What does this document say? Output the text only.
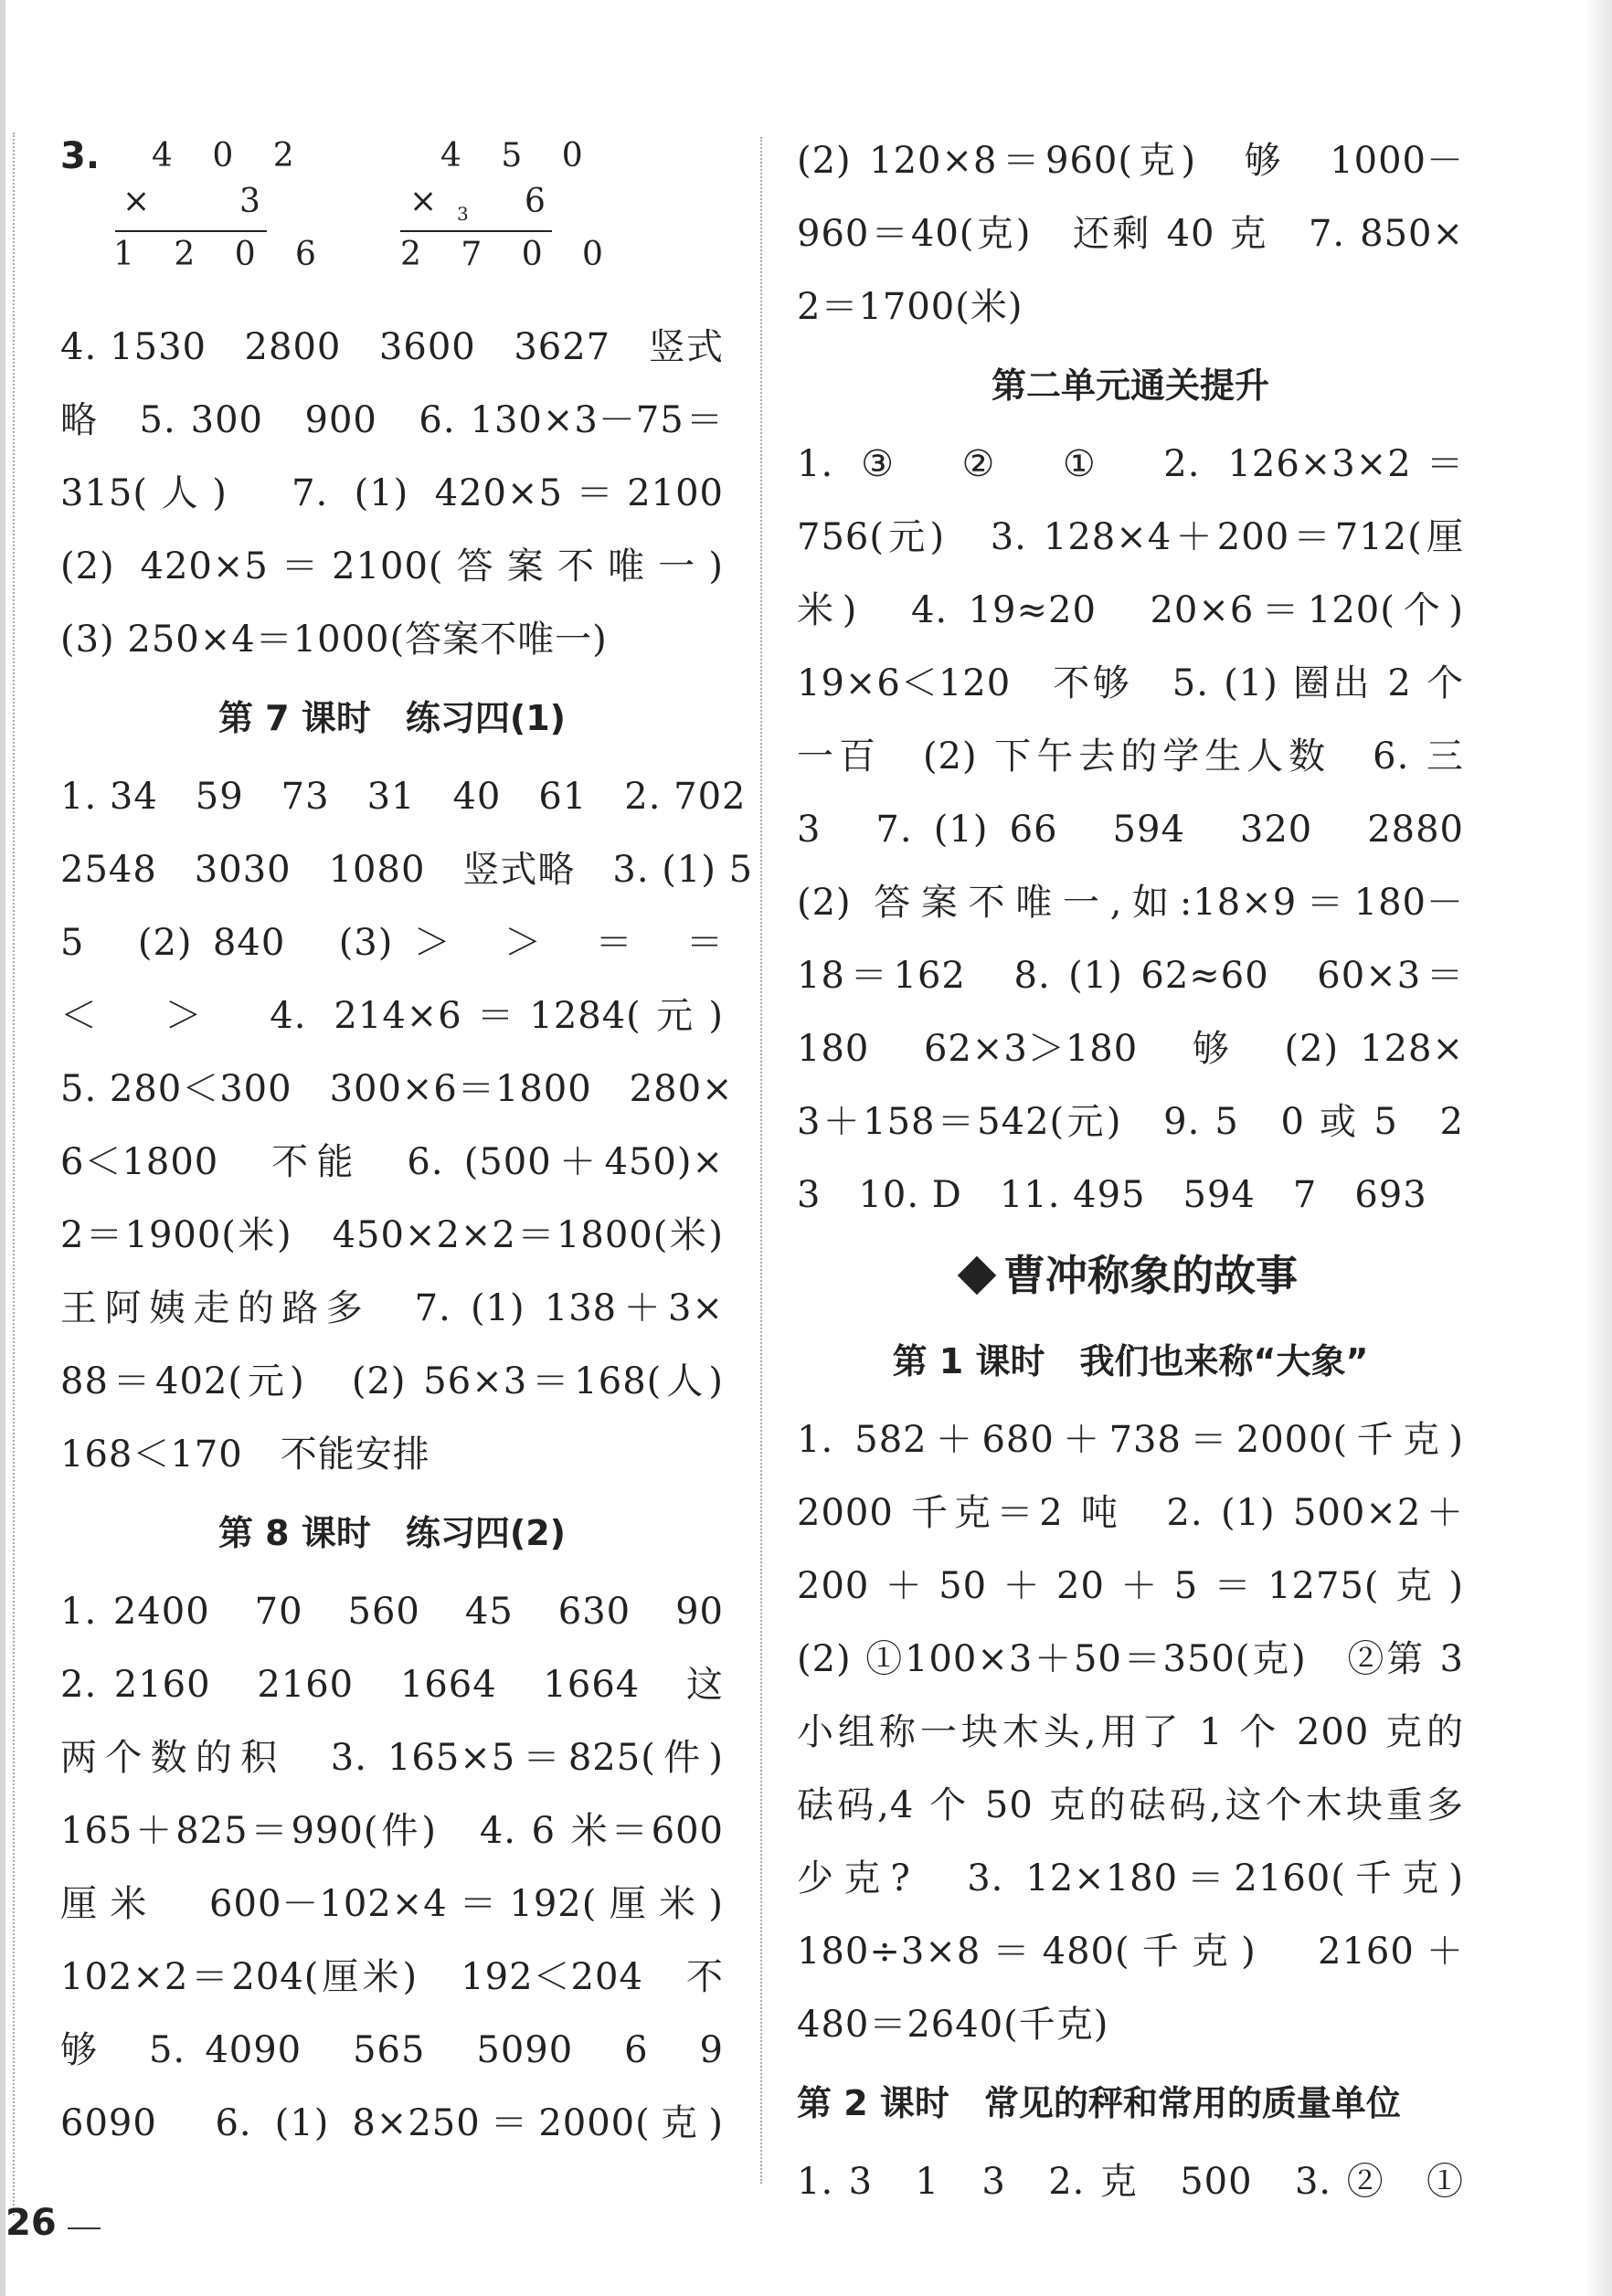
3. 4 0 2
× 3
1 2 0 6
4 5 0
× 3 6
2 7 0 0
4. 1530　2800　3600　3627　竖式
略　5. 300　900　6. 130×3－75＝
315(人)　7. (1) 420×5＝2100
(2) 420×5＝2100(答案不唯一)
(3) 250×4＝1000(答案不唯一)
第 7 课时　练习四(1)
1. 34　59　73　31　40　61　2. 702
2548　3030　1080　竖式略　3. (1) 5
5　(2) 840　(3) ＞　＞　＝　＝
＜　＞　4. 214×6＝1284(元)
5. 280＜300　300×6＝1800　280×
6＜1800　不能　6. (500＋450)×
2＝1900(米)　450×2×2＝1800(米)
王阿姨走的路多　7. (1) 138＋3×
88＝402(元)　(2) 56×3＝168(人)
168＜170　不能安排
第 8 课时　练习四(2)
1. 2400　70　560　45　630　90
2. 2160　2160　1664　1664　这
两个数的积　3. 165×5＝825(件)
165＋825＝990(件)　4. 6 米＝600
厘米　600－102×4＝192(厘米)
102×2＝204(厘米)　192＜204　不
够　5. 4090　565　5090　6　9
6090　6. (1) 8×250＝2000(克)
(2) 120×8＝960(克)　够　1000－
960＝40(克)　还剩 40 克　7. 850×
2＝1700(米)
第二单元通关提升
1. ③　②　①　2. 126×3×2＝
756(元)　3. 128×4＋200＝712(厘
米)　4. 19≈20　20×6＝120(个)
19×6＜120　不够　5. (1) 圈出 2 个
一百　(2) 下午去的学生人数　6. 三
3　7. (1) 66　594　320　2880
(2) 答案不唯一,如:18×9＝180－
18＝162　8. (1) 62≈60　60×3＝
180　62×3＞180　够　(2) 128×
3＋158＝542(元)　9. 5　0 或 5　2
3　10. D　11. 495　594　7　693
曹冲称象的故事
第 1 课时　我们也来称“大象”
1. 582＋680＋738＝2000(千克)
2000 千克＝2 吨　2. (1) 500×2＋
200＋50＋20＋5＝1275(克)
(2) ①100×3＋50＝350(克)　②第 3
小组称一块木头,用了 1 个 200 克的
砝码,4 个 50 克的砝码,这个木块重多
少克?　3. 12×180＝2160(千克)
180÷3×8＝480(千克)　2160＋
480＝2640(千克)
第 2 课时　常见的秤和常用的质量单位
1. 3　1　3　2. 克　500　3. ②　①
26
